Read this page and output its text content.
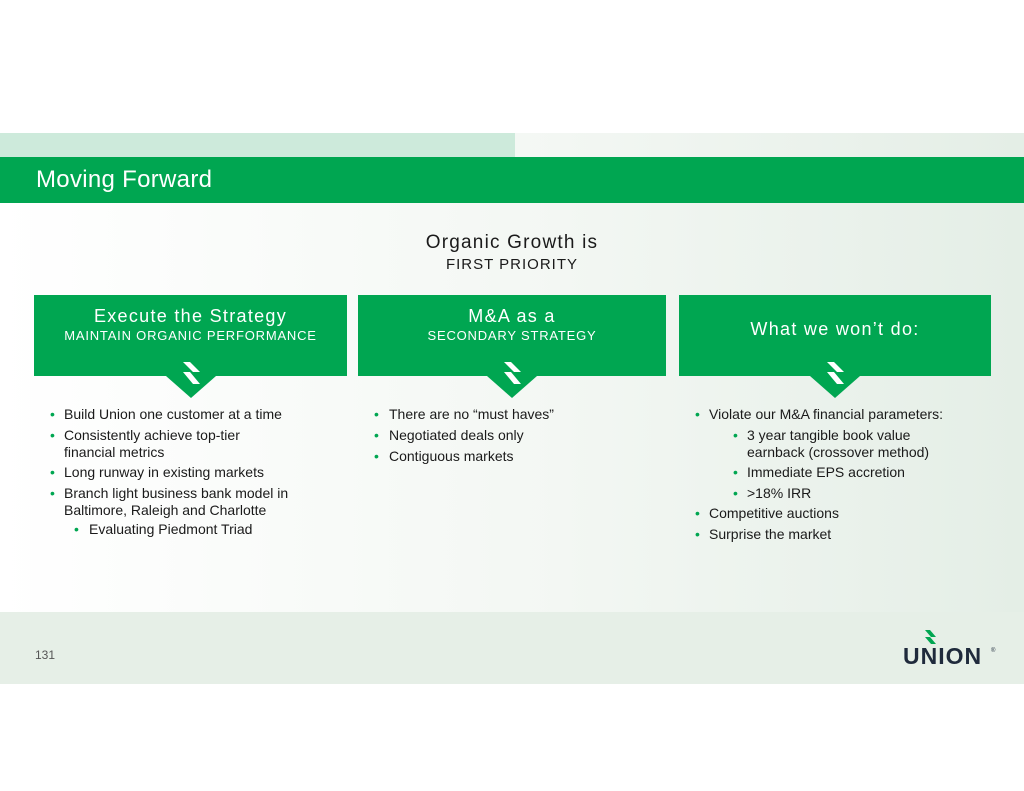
Moving Forward
Organic Growth is
FIRST PRIORITY
Execute the Strategy
MAINTAIN ORGANIC PERFORMANCE
M&A as a
SECONDARY STRATEGY	What we won’t do:
• Build Union one customer at a time
• Consistently achieve top-tier
financial metrics
• Long runway in existing markets
• Branch light business bank model in
Baltimore, Raleigh and Charlotte
• Evaluating Piedmont Triad
• There are no “must haves”
• Negotiated deals only
• Contiguous markets
• Violate our M&A financial parameters:
• 3 year tangible book value
earnback (crossover method)
• Immediate EPS accretion
• >18% IRR
• Competitive auctions
• Surprise the market
131	UNION ®
